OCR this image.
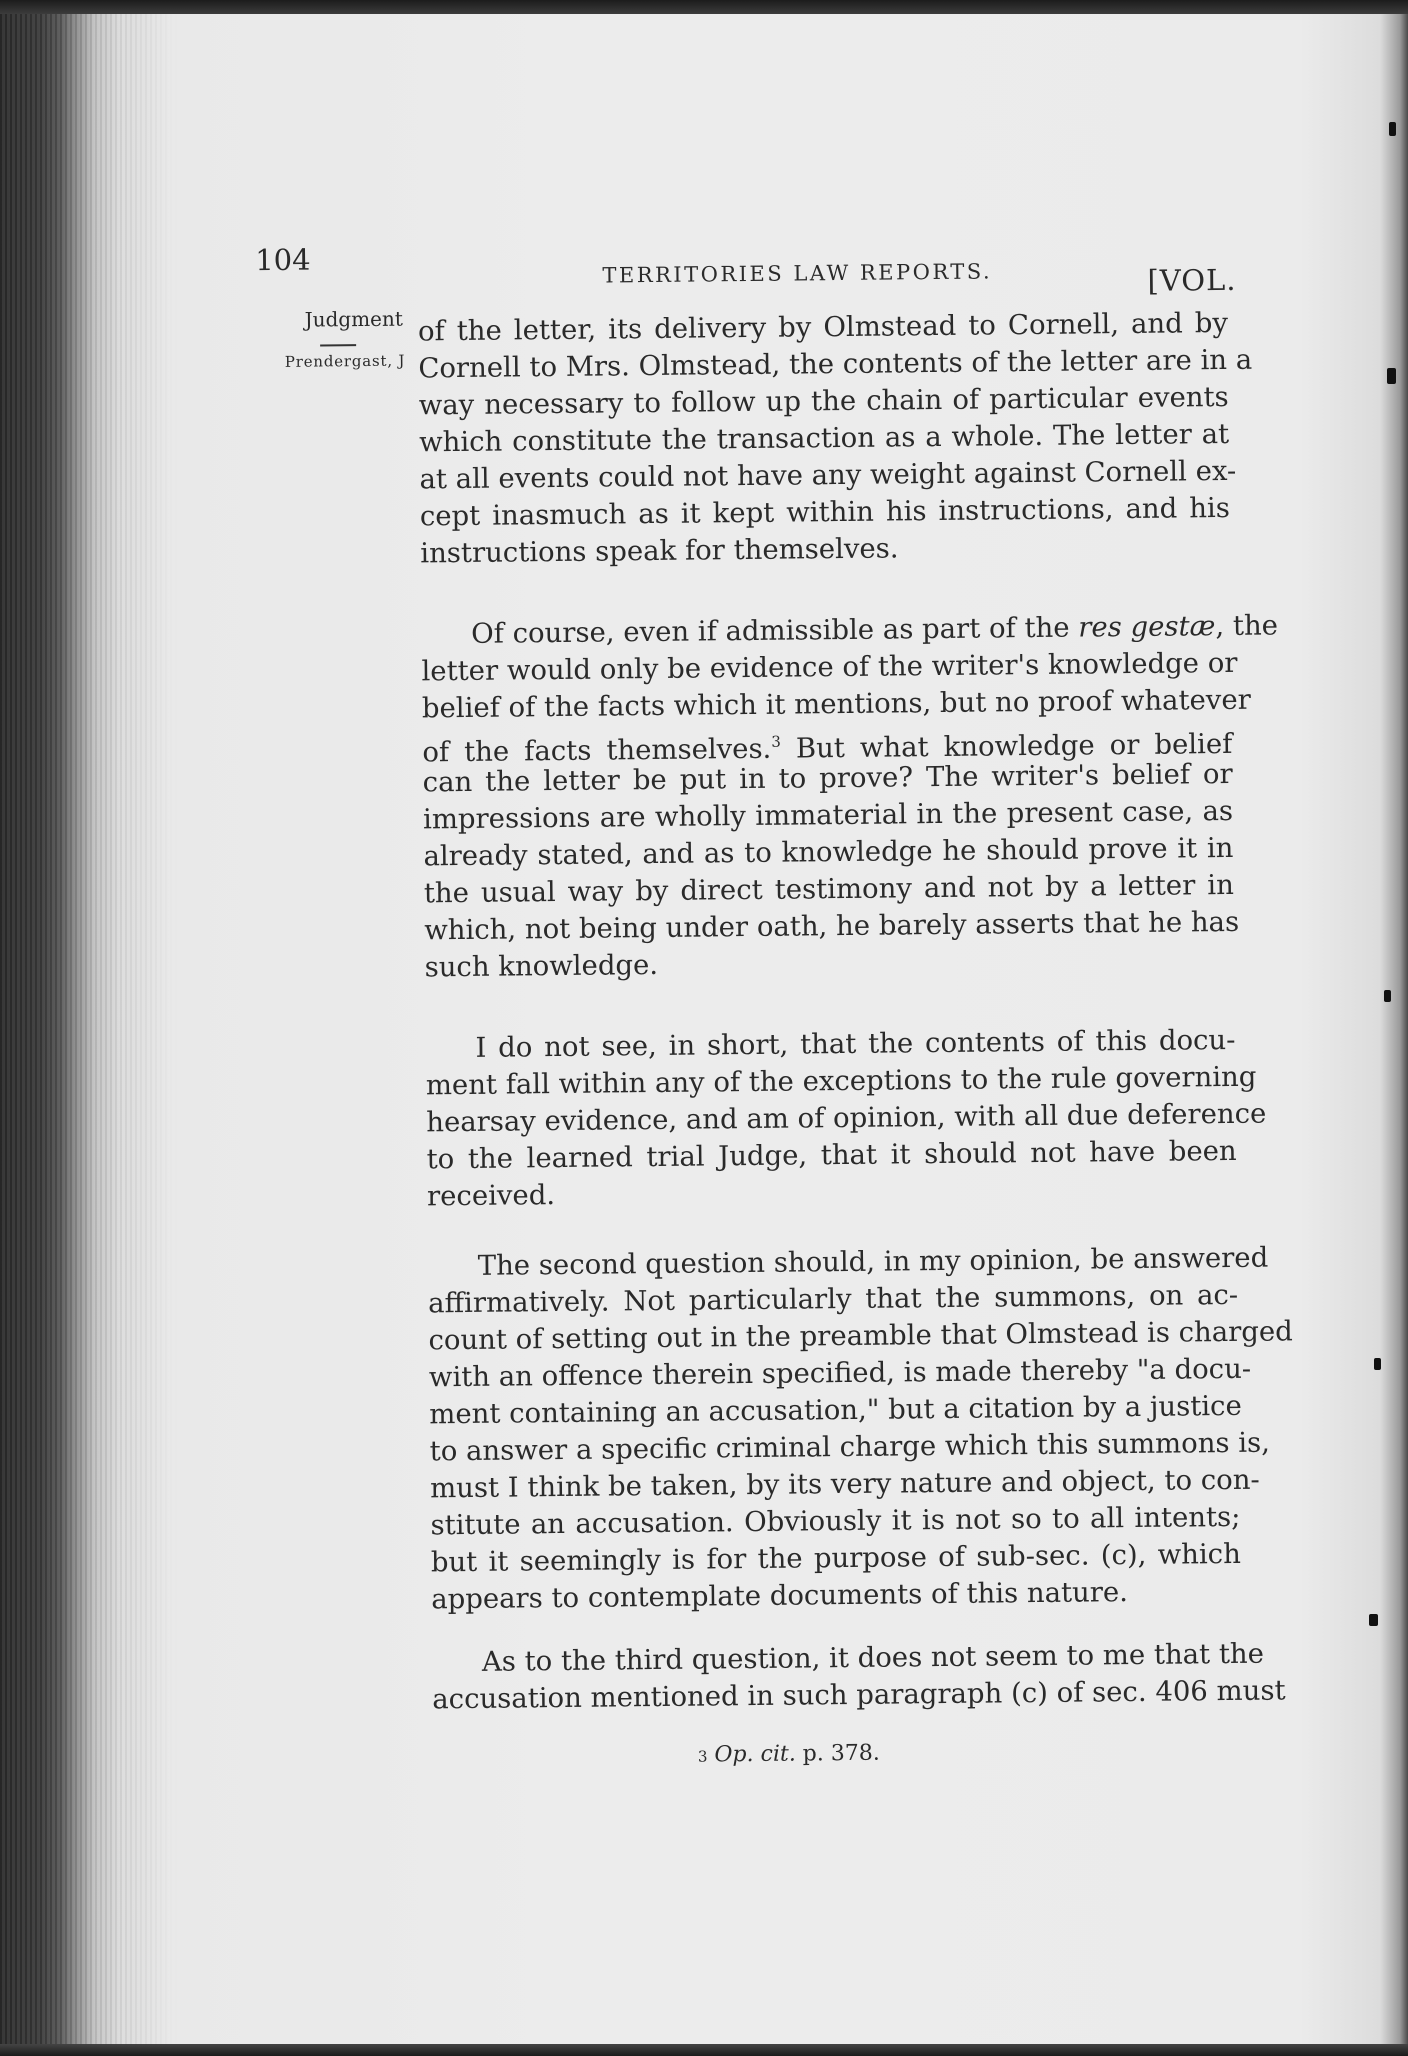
104	TERRITORIES LAW REPORTS.	[VOL.
Judgment
Prendergast, J
of the letter, its delivery by Olmstead to Cornell, and by
Cornell to Mrs. Olmstead, the contents of the letter are in a
way necessary to follow up the chain of particular events
which constitute the transaction as a whole. The letter at
at all events could not have any weight against Cornell ex-
cept inasmuch as it kept within his instructions, and his
instructions speak for themselves.
Of course, even if admissible as part of the res gestæ, the
letter would only be evidence of the writer's knowledge or
belief of the facts which it mentions, but no proof whatever
of the facts themselves.$^3$ But what knowledge or belief
can the letter be put in to prove? The writer's belief or
impressions are wholly immaterial in the present case, as
already stated, and as to knowledge he should prove it in
the usual way by direct testimony and not by a letter in
which, not being under oath, he barely asserts that he has
such knowledge.
I do not see, in short, that the contents of this docu-
ment fall within any of the exceptions to the rule governing
hearsay evidence, and am of opinion, with all due deference
to the learned trial Judge, that it should not have been
received.
The second question should, in my opinion, be answered
affirmatively. Not particularly that the summons, on ac-
count of setting out in the preamble that Olmstead is charged
with an offence therein specified, is made thereby "a docu-
ment containing an accusation," but a citation by a justice
to answer a specific criminal charge which this summons is,
must I think be taken, by its very nature and object, to con-
stitute an accusation. Obviously it is not so to all intents;
but it seemingly is for the purpose of sub-sec. (c), which
appears to contemplate documents of this nature.
As to the third question, it does not seem to me that the
accusation mentioned in such paragraph (c) of sec. 406 must
3 Op. cit. p. 378.
